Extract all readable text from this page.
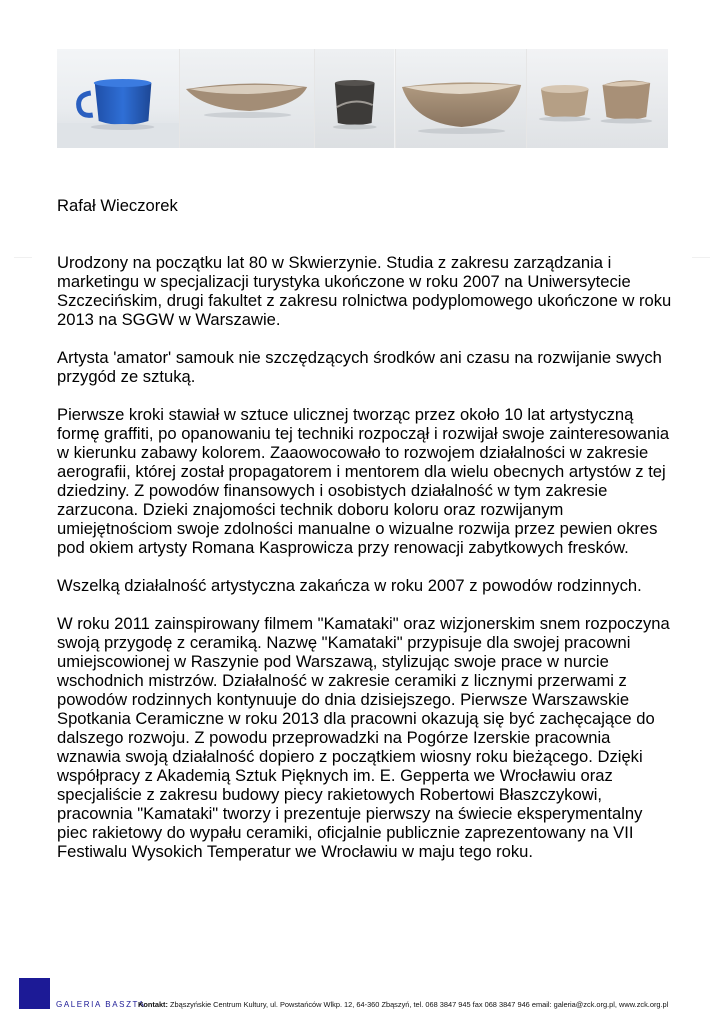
Rafał Wieczorek

Urodzony na początku lat 80 w Skwierzynie. Studia z zakresu zarządzania i marketingu w specjalizacji turystyka ukończone w roku 2007 na Uniwersytecie Szczecińskim, drugi fakultet z zakresu rolnictwa podyplomowego ukończone w roku 2013 na SGGW w Warszawie.

Artysta 'amator' samouk nie szczędzących środków ani czasu na rozwijanie swych przygód ze sztuką.

Pierwsze kroki stawiał w sztuce ulicznej tworząc przez około 10 lat artystyczną formę graffiti, po opanowaniu tej techniki rozpoczął i rozwijał swoje zainteresowania w kierunku zabawy kolorem. Zaaowocowało to rozwojem działalności w zakresie aerografii, której został propagatorem i mentorem dla wielu obecnych artystów z tej dziedziny. Z powodów finansowych i osobistych działalność w tym zakresie zarzucona. Dzieki znajomości technik doboru koloru oraz rozwijanym umiejętnościom swoje zdolności manualne o wizualne rozwija przez pewien okres pod okiem artysty Romana Kasprowicza przy renowacji zabytkowych fresków.

Wszelką działalność artystyczna zakańcza w roku 2007 z powodów rodzinnych.

W roku 2011 zainspirowany filmem "Kamataki" oraz wizjonerskim snem rozpoczyna swoją przygodę z ceramiką. Nazwę "Kamataki" przypisuje dla swojej pracowni umiejscowionej w Raszynie pod Warszawą, stylizując swoje prace w nurcie wschodnich mistrzów. Działalność w zakresie ceramiki z licznymi przerwami z powodów rodzinnych kontynuuje do dnia dzisiejszego. Pierwsze Warszawskie Spotkania Ceramiczne w roku 2013 dla pracowni okazują się być zachęcające do dalszego rozwoju. Z powodu przeprowadzki na Pogórze Izerskie pracownia wznawia swoją działalność dopiero z początkiem wiosny roku bieżącego. Dzięki współpracy z Akademią Sztuk Pięknych im. E. Gepperta we Wrocławiu oraz specjaliście z zakresu budowy piecy rakietowych Robertowi Błaszczykowi, pracownia "Kamataki" tworzy i prezentuje pierwszy na świecie eksperymentalny piec rakietowy do wypału ceramiki, oficjalnie publicznie zaprezentowany na VII Festiwalu Wysokich Temperatur we Wrocławiu w maju tego roku.

GALERIA BASZTA
Kontakt: Zbąszyńskie Centrum Kultury, ul. Powstańców Wlkp. 12, 64-360 Zbąszyń, tel. 068 3847 945 fax 068 3847 946 email: galeria@zck.org.pl, www.zck.org.pl
